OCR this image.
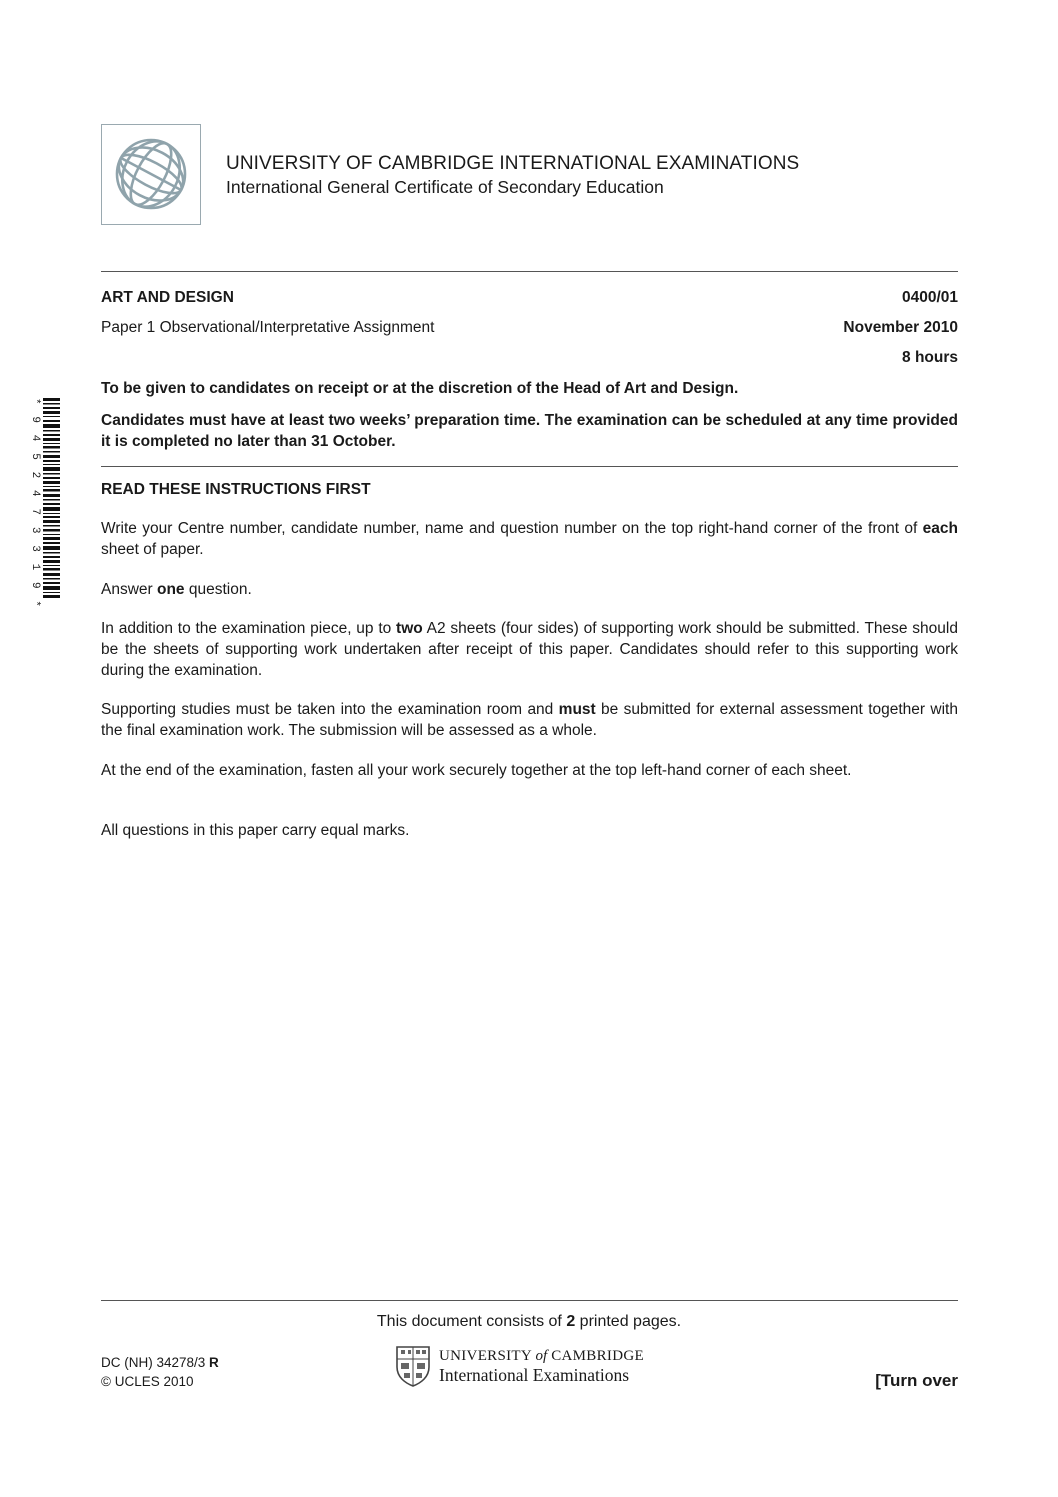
UNIVERSITY OF CAMBRIDGE INTERNATIONAL EXAMINATIONS
International General Certificate of Secondary Education
ART AND DESIGN	0400/01
Paper 1 Observational/Interpretative Assignment	November 2010
8 hours
* 9 4 5 2 4 7 3 3 1 9 *
To be given to candidates on receipt or at the discretion of the Head of Art and Design.
Candidates must have at least two weeks’ preparation time. The examination can be scheduled at any time provided it is completed no later than 31 October.
READ THESE INSTRUCTIONS FIRST
Write your Centre number, candidate number, name and question number on the top right-hand corner of the front of each sheet of paper.
Answer one question.
In addition to the examination piece, up to two A2 sheets (four sides) of supporting work should be submitted. These should be the sheets of supporting work undertaken after receipt of this paper. Candidates should refer to this supporting work during the examination.
Supporting studies must be taken into the examination room and must be submitted for external assessment together with the final examination work. The submission will be assessed as a whole.
At the end of the examination, fasten all your work securely together at the top left-hand corner of each sheet.
All questions in this paper carry equal marks.
This document consists of 2 printed pages.
DC (NH) 34278/3 R
© UCLES 2010
UNIVERSITY of CAMBRIDGE
International Examinations	[Turn over
